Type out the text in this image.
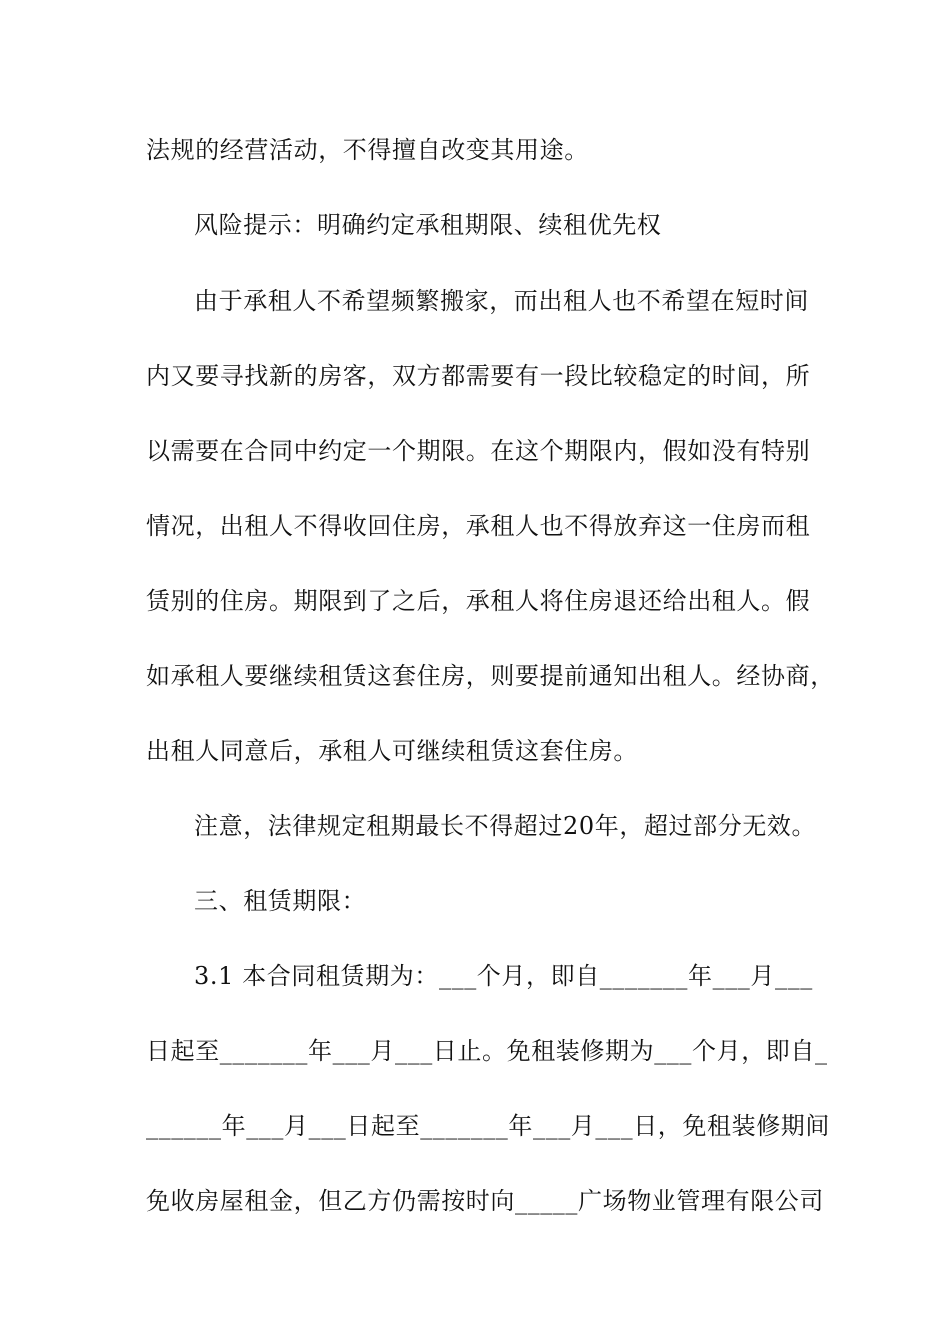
法规的经营活动，不得擅自改变其用途。
风险提示：明确约定承租期限、续租优先权
由于承租人不希望频繁搬家，而出租人也不希望在短时间
内又要寻找新的房客，双方都需要有一段比较稳定的时间，所
以需要在合同中约定一个期限。在这个期限内，假如没有特别
情况，出租人不得收回住房，承租人也不得放弃这一住房而租
赁别的住房。期限到了之后，承租人将住房退还给出租人。假
如承租人要继续租赁这套住房，则要提前通知出租人。经协商，
出租人同意后，承租人可继续租赁这套住房。
注意，法律规定租期最长不得超过20年，超过部分无效。
三、租赁期限：
3.1 本合同租赁期为：___个月，即自_______年___月___
日起至_______年___月___日止。免租装修期为___个月，即自_
______年___月___日起至_______年___月___日，免租装修期间
免收房屋租金，但乙方仍需按时向_____广场物业管理有限公司
